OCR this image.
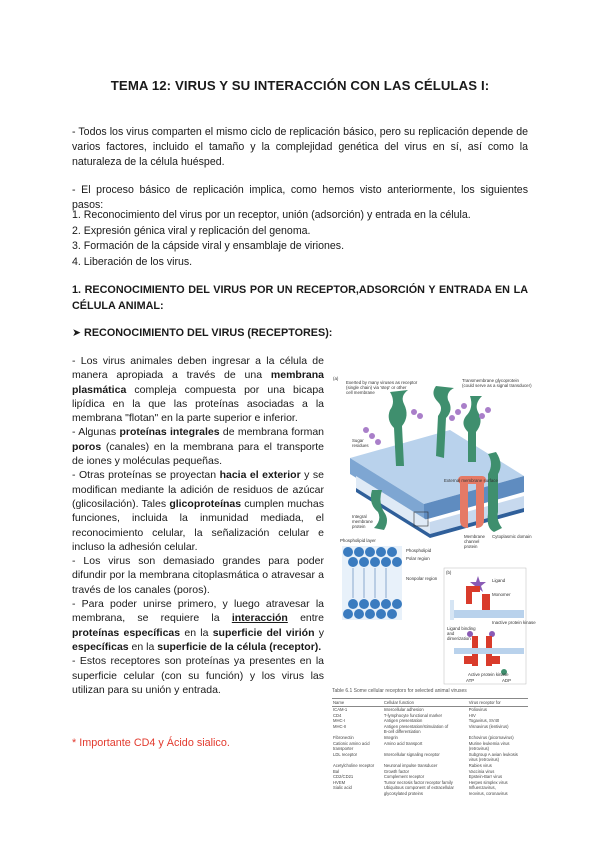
TEMA 12: VIRUS Y SU INTERACCIÓN CON LAS CÉLULAS I:
- Todos los virus comparten el mismo ciclo de replicación básico, pero su replicación depende de varios factores, incluido el tamaño y la complejidad genética del virus en sí, así como la naturaleza de la célula huésped.
- El proceso básico de replicación implica, como hemos visto anteriormente, los siguientes pasos:
1. Reconocimiento del virus por un receptor, unión (adsorción) y entrada en la célula.
2. Expresión génica viral y replicación del genoma.
3. Formación de la cápside viral y ensamblaje de viriones.
4. Liberación de los virus.
1. RECONOCIMIENTO DEL VIRUS POR UN RECEPTOR,ADSORCIÓN Y ENTRADA EN LA CÉLULA ANIMAL:
➤ RECONOCIMIENTO DEL VIRUS (RECEPTORES):

- Los virus animales deben ingresar a la célula de manera apropiada a través de una membrana plasmática compleja compuesta por una bicapa lipídica en la que las proteínas asociadas a la membrana "flotan" en la parte superior e inferior.

- Algunas proteínas integrales de membrana forman poros (canales) en la membrana para el transporte de iones y moléculas pequeñas.

- Otras proteínas se proyectan hacia el exterior y se modifican mediante la adición de residuos de azúcar (glicosilación). Tales glicoproteínas cumplen muchas funciones, incluida la inmunidad mediada, el reconocimiento celular, la señalización celular e incluso la adhesión celular.

- Los virus son demasiado grandes para poder difundir por la membrana citoplasmática o atravesar a través de los canales (poros).

- Para poder unirse primero, y luego atravesar la membrana, se requiere la interacción entre proteínas específicas en la superficie del virión y específicas en la superficie de la célula (receptor).

- Estos receptores son proteínas ya presentes en la superficie celular (con su función) y los virus las utilizan para su unión y entrada.

* Importante CD4 y Ácido sialico.
(a)
Exerted by many viruses as receptor (single chain) via 'step' or other cell membrane
Transmembrane glycoprotein (could serve as a signal transducer)
Sugar residues
External membrane surface
Integral membrane protein
Membrane channel protein
Cytoplasmic domain
Phospholipid layer
Phospholipid
Polar region
Nonpolar region
(b)
Ligand
Monomer
Inactive protein kinase
Ligand binding and dimerization
Active protein kinase
ATP	ADP
Table 6.1 Some cellular receptors for selected animal viruses
Name	Cellular function	Virus receptor for
ICAM-1	Intercellular adhesion	Poliovirus
CD4	T-lymphocyte functional marker	HIV
MHC-I	Antigen presentation	Togavirus, SV40
MHC-II	Antigen presentation/stimulation of	Visnavirus (lentivirus)
	B-cell differentiation	
Fibronectin	Integrin	Echovirus (picornavirus)
Cationic amino acid	Amino acid transport	Murine leukemia virus
transporter		(retrovirus)
LDL receptor	Intercellular signaling receptor	Subgroup A avian leukosis
		virus (retrovirus)
Acetylcholine receptor	Neuronal impulse transducer	Rabies virus
Bal	Growth factor	Vaccinia virus
CD2/CD21	Complement receptor	Epstein-Barr virus
HVEM	Tumor necrosis factor receptor family	Herpes simplex virus
Sialic acid	Ubiquitous component of extracellular	Influenzavirus,
	glycosylated proteins	reovirus, coronavirus
